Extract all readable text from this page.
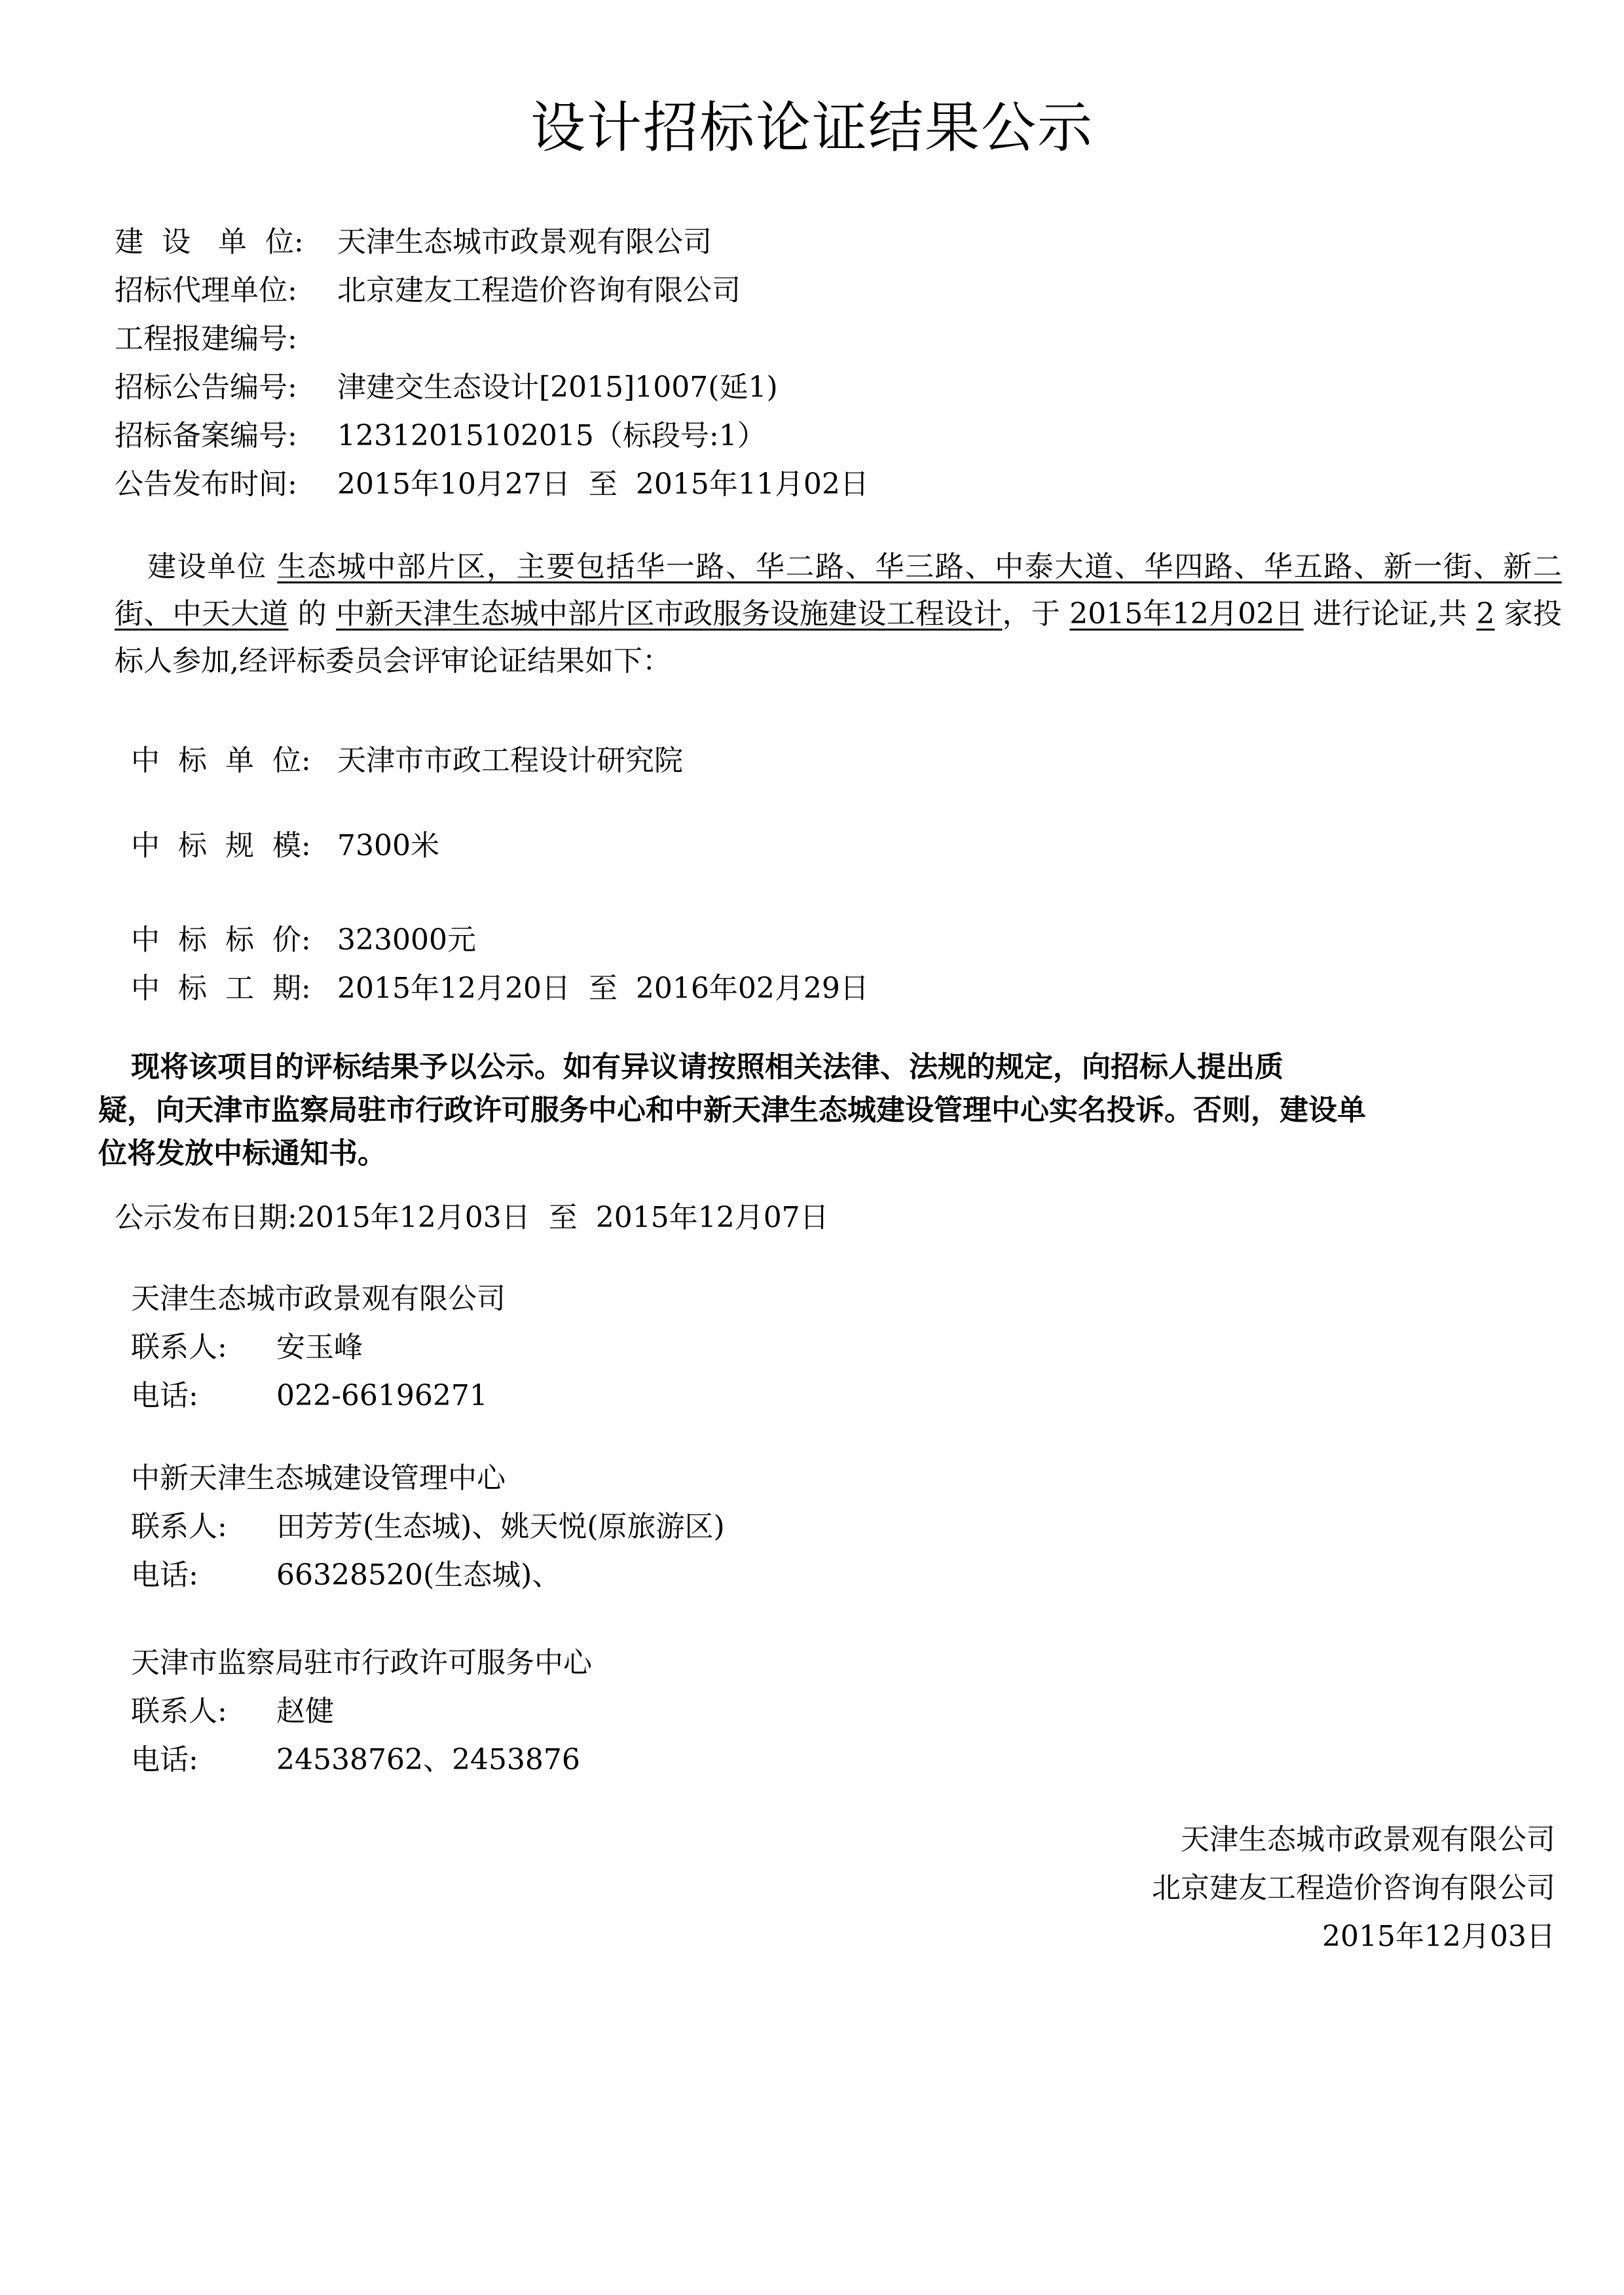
设计招标论证结果公示
建  设   单  位: 天津生态城市政景观有限公司
招标代理单位: 北京建友工程造价咨询有限公司
工程报建编号:
招标公告编号: 津建交生态设计[2015]1007(延1)
招标备案编号: 12312015102015（标段号:1）
公告发布时间: 2015年10月27日  至  2015年11月02日
建设单位 生态城中部片区，主要包括华一路、华二路、华三路、中泰大道、华四路、华五路、新一街、新二街、中天大道 的 中新天津生态城中部片区市政服务设施建设工程设计，于 2015年12月02日 进行论证,共 2 家投标人参加,经评标委员会评审论证结果如下：
中  标  单  位: 天津市市政工程设计研究院
中  标  规  模: 7300米
中  标  标  价: 323000元
中  标  工  期: 2015年12月20日  至  2016年02月29日
现将该项目的评标结果予以公示。如有异议请按照相关法律、法规的规定，向招标人提出质
疑，向天津市监察局驻市行政许可服务中心和中新天津生态城建设管理中心实名投诉。否则，建设单
位将发放中标通知书。
公示发布日期:2015年12月03日  至  2015年12月07日
天津生态城市政景观有限公司
联系人: 安玉峰
电话:	022-66196271
中新天津生态城建设管理中心
联系人: 田芳芳(生态城)、姚天悦(原旅游区)
电话:	66328520(生态城)、
天津市监察局驻市行政许可服务中心
联系人: 赵健
电话:	24538762、2453876
天津生态城市政景观有限公司
北京建友工程造价咨询有限公司
2015年12月03日
